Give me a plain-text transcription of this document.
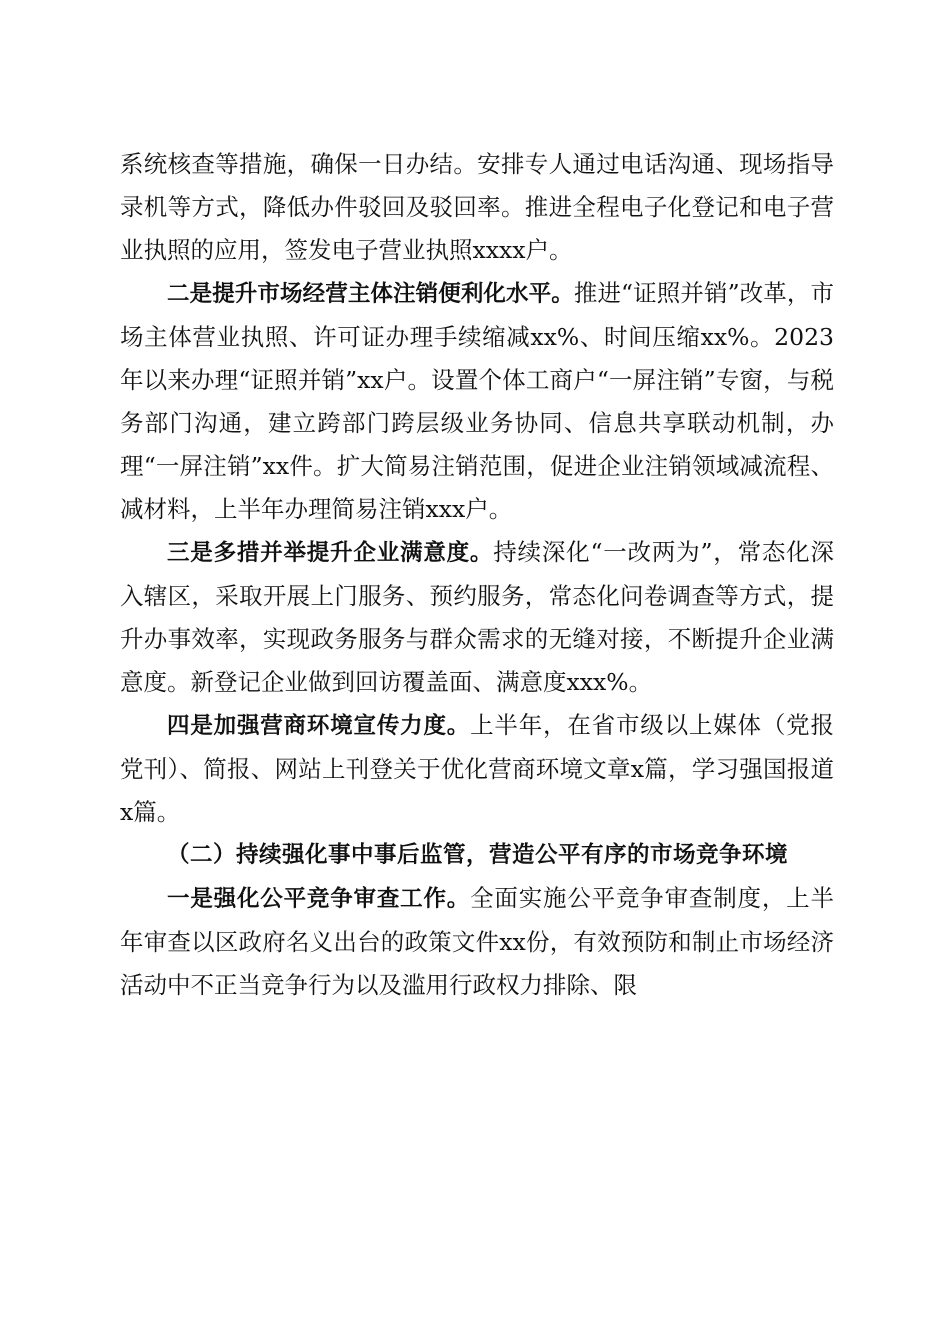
系统核查等措施，确保一日办结。安排专人通过电话沟通、现场指导录机等方式，降低办件驳回及驳回率。推进全程电子化登记和电子营业执照的应用，签发电子营业执照xxxx户。

二是提升市场经营主体注销便利化水平。推进“证照并销”改革，市场主体营业执照、许可证办理手续缩减xx%、时间压缩xx%。2023年以来办理“证照并销”xx户。设置个体工商户“一屏注销”专窗，与税务部门沟通，建立跨部门跨层级业务协同、信息共享联动机制，办理“一屏注销”xx件。扩大简易注销范围，促进企业注销领域减流程、减材料，上半年办理简易注销xxx户。

三是多措并举提升企业满意度。持续深化“一改两为”，常态化深入辖区，采取开展上门服务、预约服务，常态化问卷调查等方式，提升办事效率，实现政务服务与群众需求的无缝对接，不断提升企业满意度。新登记企业做到回访覆盖面、满意度xxx%。

四是加强营商环境宣传力度。上半年，在省市级以上媒体（党报党刊）、简报、网站上刊登关于优化营商环境文章x篇，学习强国报道x篇。

（二）持续强化事中事后监管，营造公平有序的市场竞争环境

一是强化公平竞争审查工作。全面实施公平竞争审查制度，上半年审查以区政府名义出台的政策文件xx份，有效预防和制止市场经济活动中不正当竞争行为以及滥用行政权力排除、限
